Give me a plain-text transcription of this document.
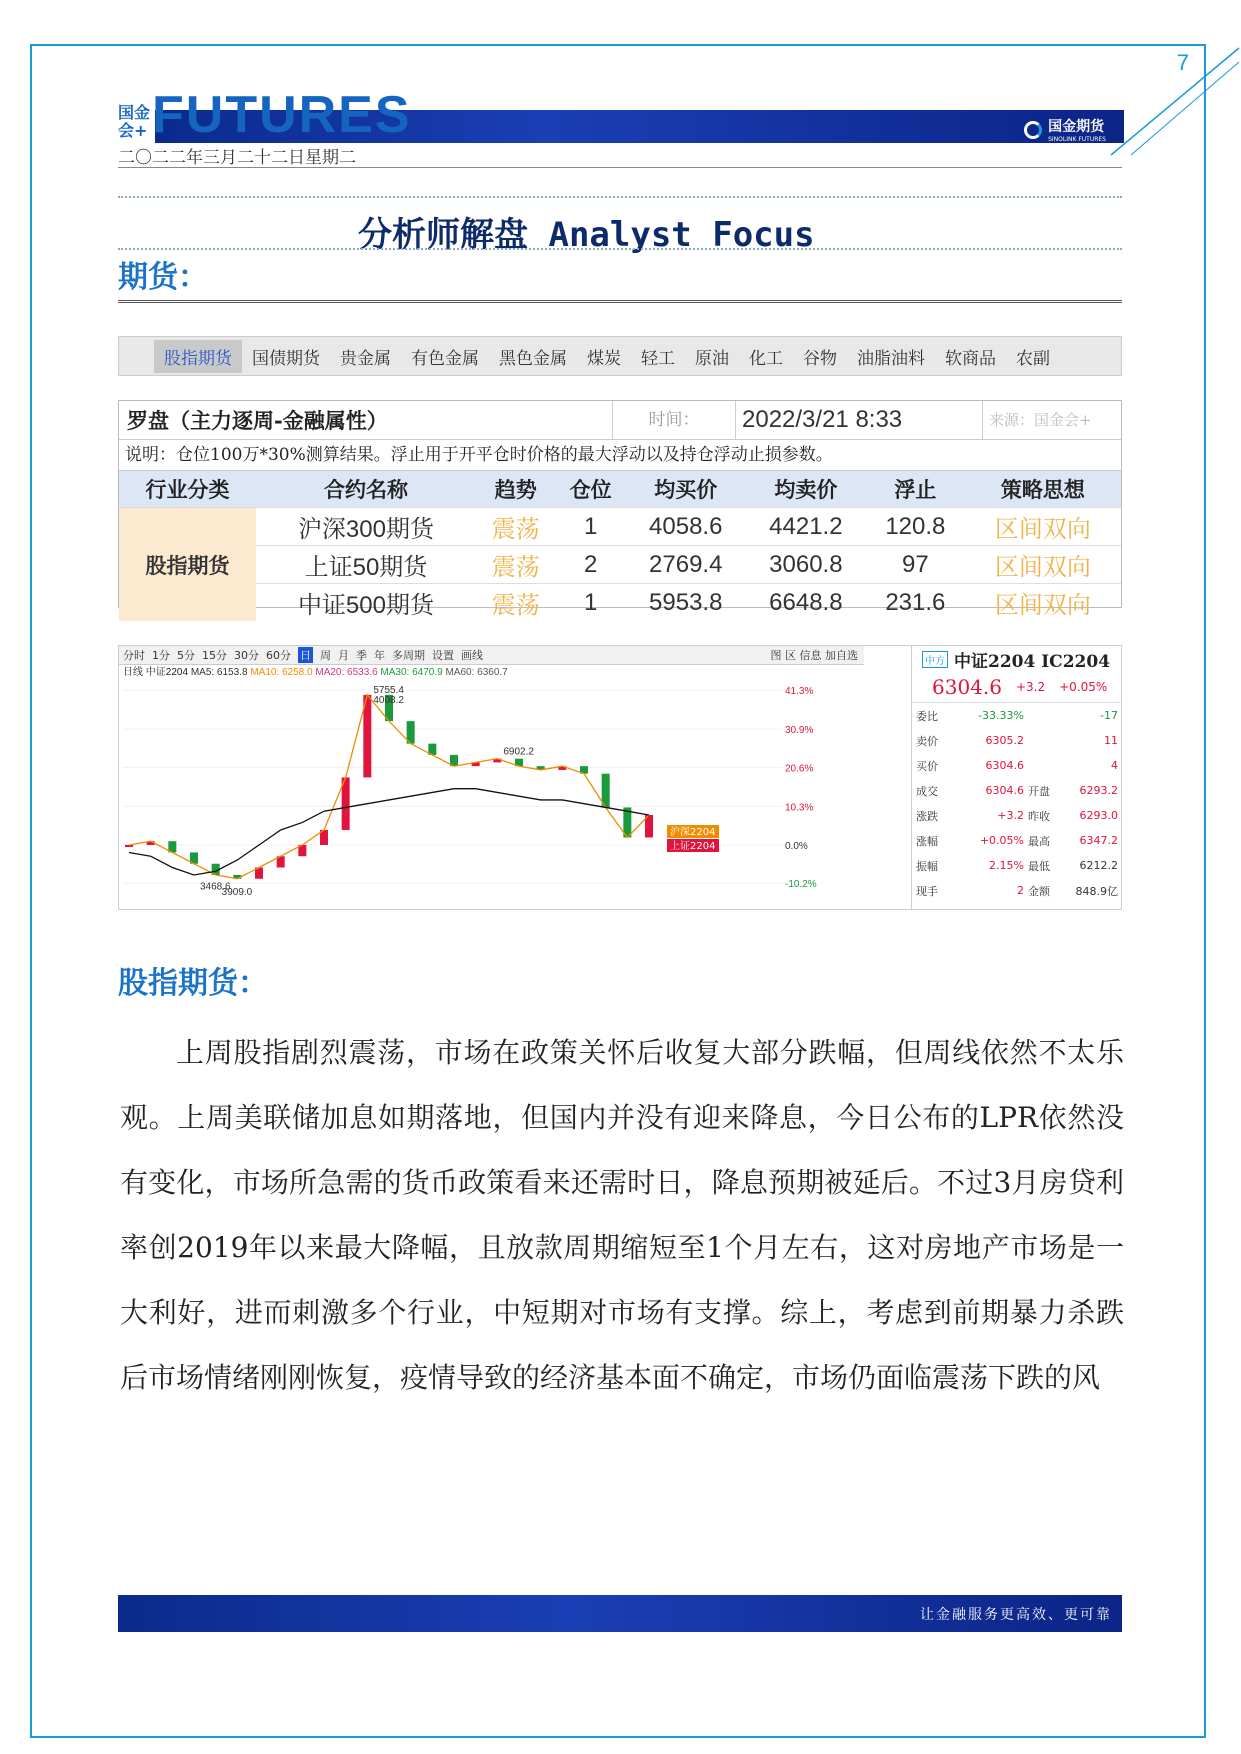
7
国金期货
SINOLINK FUTURES
国金会+ FUTURES
二〇二二年三月二十二日星期二
分析师解盘 Analyst Focus
期货：
股指期货	国债期货	贵金属	有色金属	黑色金属	煤炭	轻工	原油	化工	谷物	油脂油料	软商品	农副
罗盘（主力逐周-金融属性）	时间：	2022/3/21 8:33	来源：国金会+
说明：仓位100万*30%测算结果。浮止用于开平仓时价格的最大浮动以及持仓浮动止损参数。
行业分类	合约名称	趋势	仓位	均买价	均卖价	浮止	策略思想
股指期货	沪深300期货	震荡	1	4058.6	4421.2	120.8	区间双向
	上证50期货	震荡	2	2769.4	3060.8	97	区间双向
	中证500期货	震荡	1	5953.8	6648.8	231.6	区间双向
分时 1分 5分 15分 30分 60分 日 周 月 季 年 多周期 设置 画线	图 区 信息 加自选
日线 中证2204 MA5: 6153.8 MA10: 6258.0 MA20: 6533.6 MA30: 6470.9 MA60: 6360.7
41.3%
30.9%
20.6%
10.3%
0.0%
-10.2%
5755.4
4008.2
6902.2
3468.6
3909.0
沪深2204
上证2204
中方 中证2204 IC2204
6304.6 +3.2 +0.05%
委比	-33.33%	-17
卖价	6305.2	11
买价	6304.6	4
成交	6304.6 开盘	6293.2
涨跌	+3.2 昨收	6293.0
涨幅	+0.05% 最高	6347.2
振幅	2.15% 最低	6212.2
现手	2 金额	848.9亿
股指期货：

上周股指剧烈震荡，市场在政策关怀后收复大部分跌幅，但周线依然不太乐观。上周美联储加息如期落地，但国内并没有迎来降息，今日公布的LPR依然没有变化，市场所急需的货币政策看来还需时日，降息预期被延后。不过3月房贷利率创2019年以来最大降幅，且放款周期缩短至1个月左右，这对房地产市场是一大利好，进而刺激多个行业，中短期对市场有支撑。综上，考虑到前期暴力杀跌后市场情绪刚刚恢复，疫情导致的经济基本面不确定，市场仍面临震荡下跌的风

让金融服务更高效、更可靠
